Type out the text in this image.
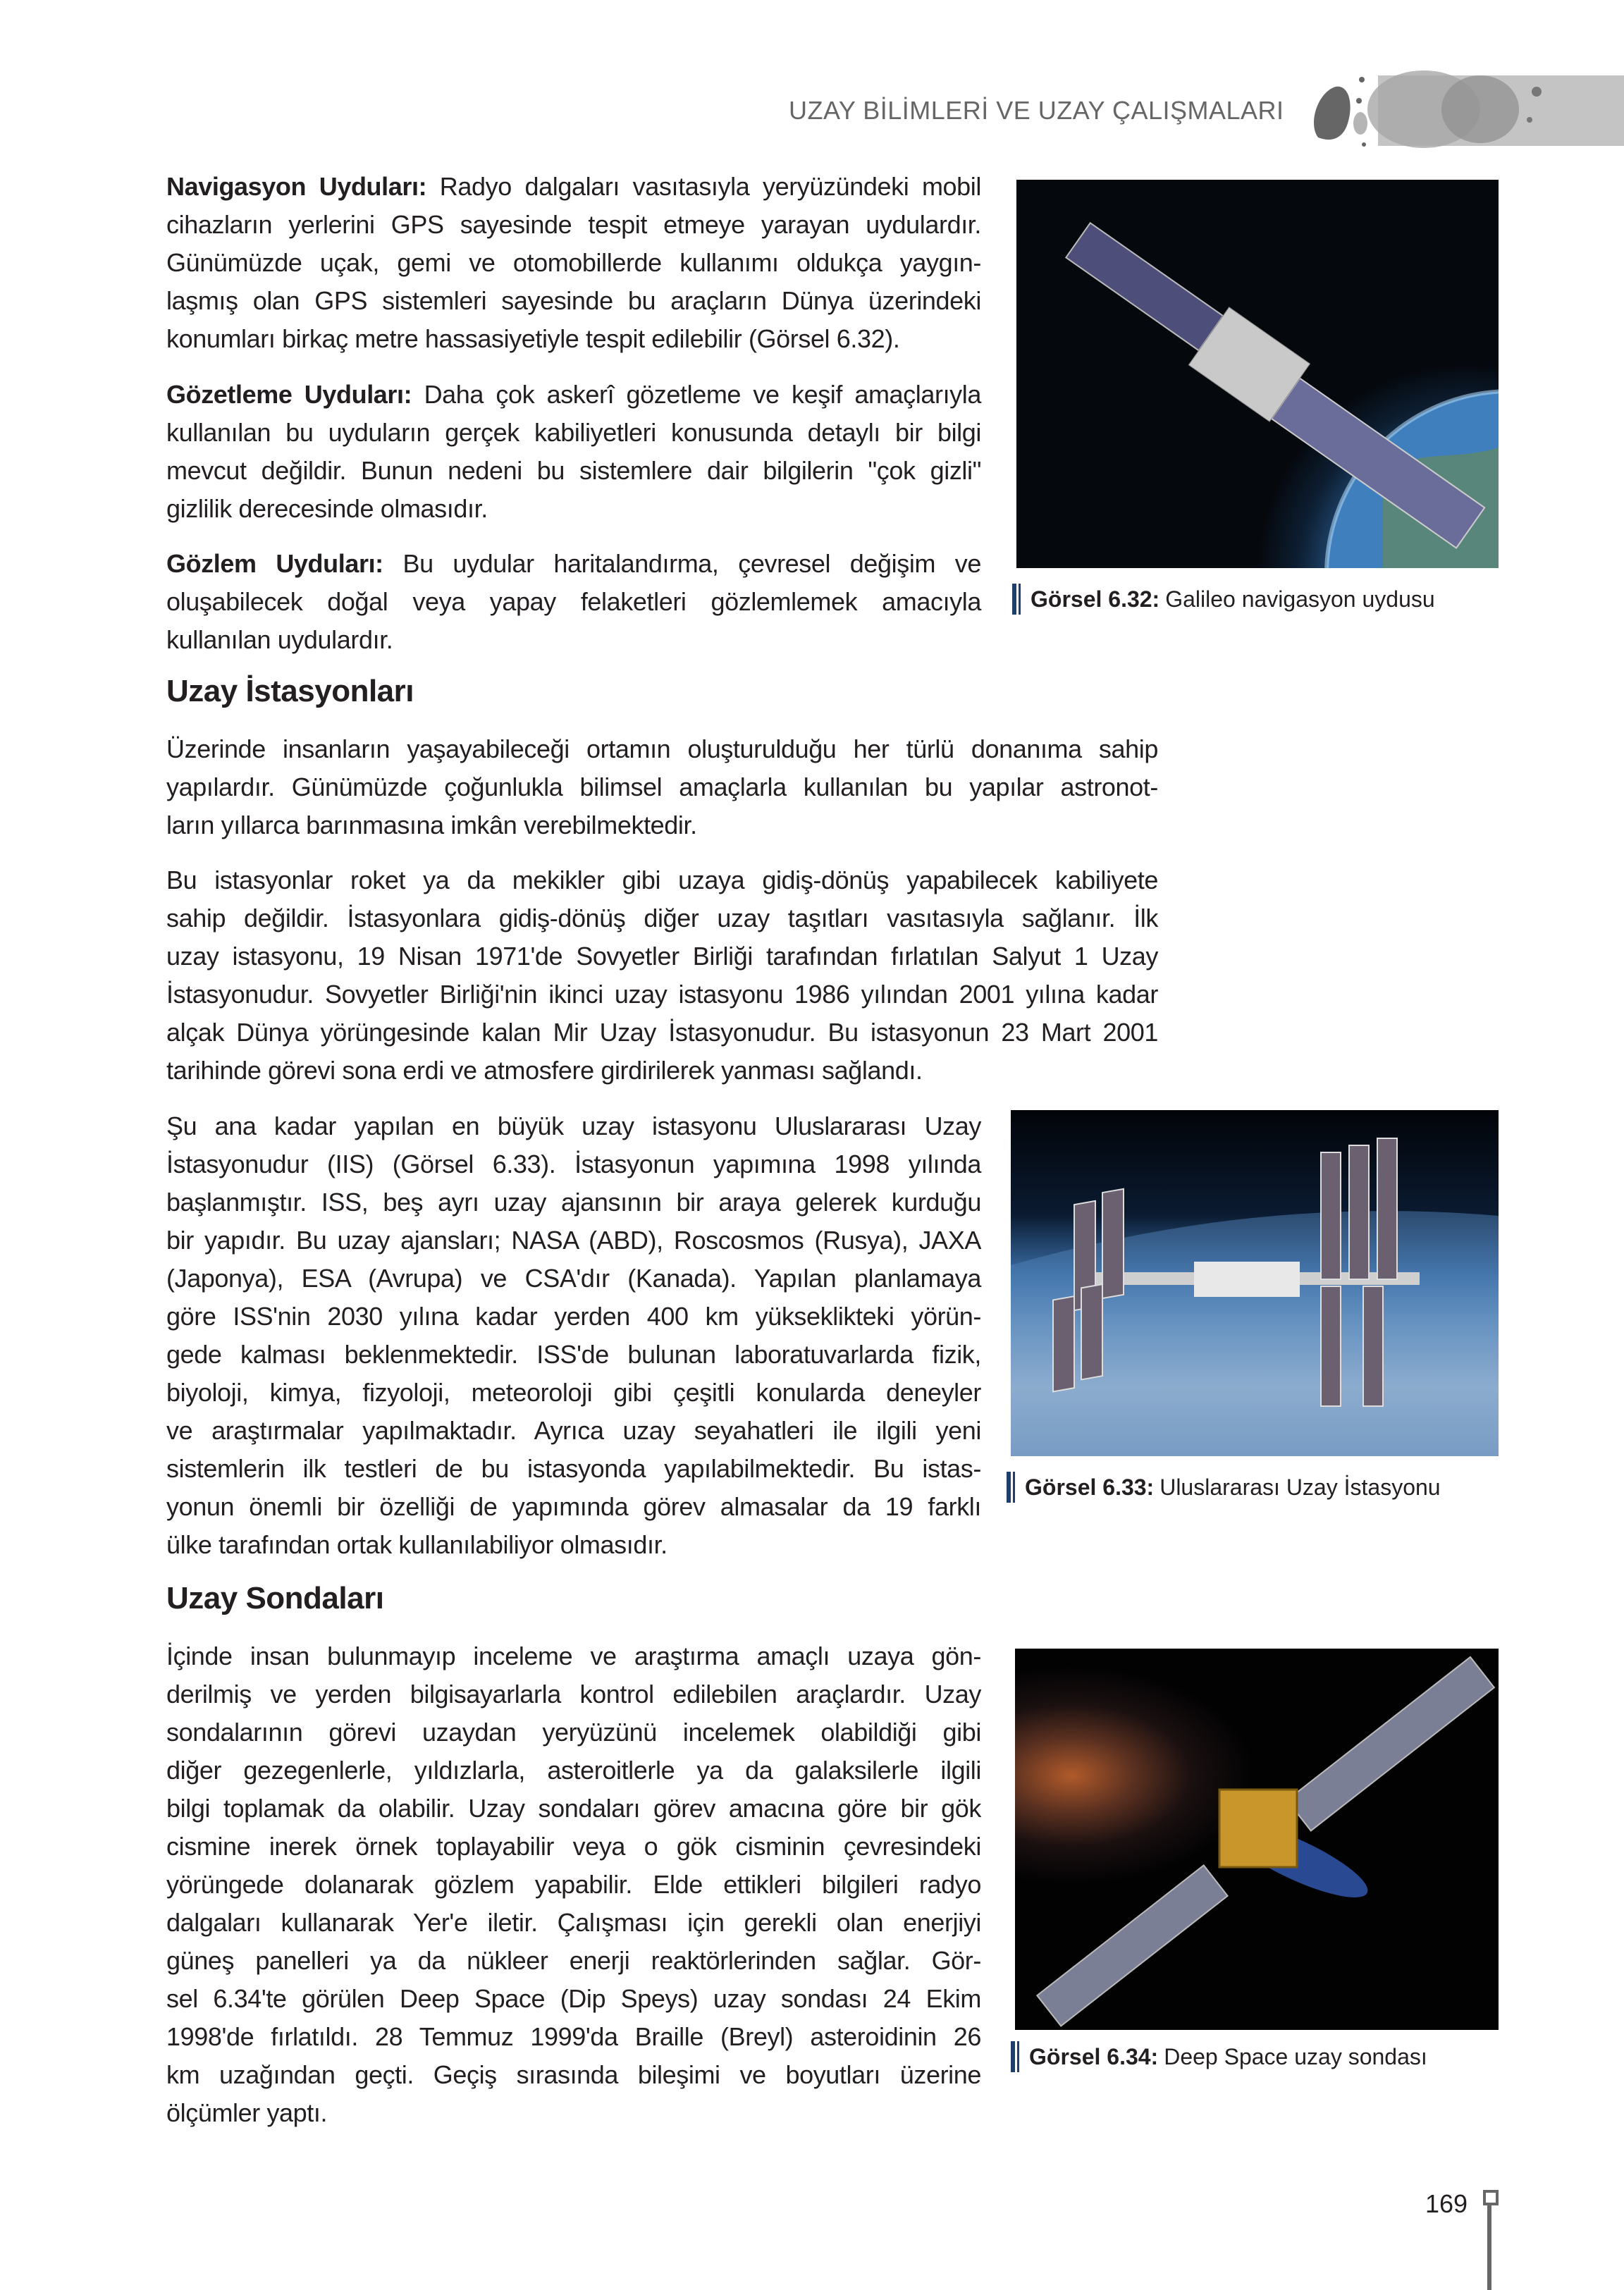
UZAY BİLİMLERİ VE UZAY ÇALIŞMALARI
Navigasyon Uyduları: Radyo dalgaları vasıtasıyla yeryüzündeki mobil
cihazların yerlerini GPS sayesinde tespit etmeye yarayan uydulardır.
Günümüzde uçak, gemi ve otomobillerde kullanımı oldukça yaygın-
laşmış olan GPS sistemleri sayesinde bu araçların Dünya üzerindeki
konumları birkaç metre hassasiyetiyle tespit edilebilir (Görsel 6.32).
Gözetleme Uyduları: Daha çok askerî gözetleme ve keşif amaçlarıyla
kullanılan bu uyduların gerçek kabiliyetleri konusunda detaylı bir bilgi
mevcut değildir. Bunun nedeni bu sistemlere dair bilgilerin "çok gizli"
gizlilik derecesinde olmasıdır.
Gözlem Uyduları: Bu uydular haritalandırma, çevresel değişim ve
oluşabilecek doğal veya yapay felaketleri gözlemlemek amacıyla
kullanılan uydulardır.
Görsel 6.32: Galileo navigasyon uydusu
Uzay İstasyonları
Üzerinde insanların yaşayabileceği ortamın oluşturulduğu her türlü donanıma sahip
yapılardır. Günümüzde çoğunlukla bilimsel amaçlarla kullanılan bu yapılar astronot-
ların yıllarca barınmasına imkân verebilmektedir.
Bu istasyonlar roket ya da mekikler gibi uzaya gidiş-dönüş yapabilecek kabiliyete
sahip değildir. İstasyonlara gidiş-dönüş diğer uzay taşıtları vasıtasıyla sağlanır. İlk
uzay istasyonu, 19 Nisan 1971'de Sovyetler Birliği tarafından fırlatılan Salyut 1 Uzay
İstasyonudur. Sovyetler Birliği'nin ikinci uzay istasyonu 1986 yılından 2001 yılına kadar
alçak Dünya yörüngesinde kalan Mir Uzay İstasyonudur. Bu istasyonun 23 Mart 2001
tarihinde görevi sona erdi ve atmosfere girdirilerek yanması sağlandı.
Şu ana kadar yapılan en büyük uzay istasyonu Uluslararası Uzay
İstasyonudur (IIS) (Görsel 6.33). İstasyonun yapımına 1998 yılında
başlanmıştır. ISS, beş ayrı uzay ajansının bir araya gelerek kurduğu
bir yapıdır. Bu uzay ajansları; NASA (ABD), Roscosmos (Rusya), JAXA
(Japonya), ESA (Avrupa) ve CSA'dır (Kanada). Yapılan planlamaya
göre ISS'nin 2030 yılına kadar yerden 400 km yükseklikteki yörün-
gede kalması beklenmektedir. ISS'de bulunan laboratuvarlarda fizik,
biyoloji, kimya, fizyoloji, meteoroloji gibi çeşitli konularda deneyler
ve araştırmalar yapılmaktadır. Ayrıca uzay seyahatleri ile ilgili yeni
sistemlerin ilk testleri de bu istasyonda yapılabilmektedir. Bu istas-
yonun önemli bir özelliği de yapımında görev almasalar da 19 farklı
ülke tarafından ortak kullanılabiliyor olmasıdır.
Görsel 6.33: Uluslararası Uzay İstasyonu
Uzay Sondaları
İçinde insan bulunmayıp inceleme ve araştırma amaçlı uzaya gön-
derilmiş ve yerden bilgisayarlarla kontrol edilebilen araçlardır. Uzay
sondalarının görevi uzaydan yeryüzünü incelemek olabildiği gibi
diğer gezegenlerle, yıldızlarla, asteroitlerle ya da galaksilerle ilgili
bilgi toplamak da olabilir. Uzay sondaları görev amacına göre bir gök
cismine inerek örnek toplayabilir veya o gök cisminin çevresindeki
yörüngede dolanarak gözlem yapabilir. Elde ettikleri bilgileri radyo
dalgaları kullanarak Yer'e iletir. Çalışması için gerekli olan enerjiyi
güneş panelleri ya da nükleer enerji reaktörlerinden sağlar. Gör-
sel 6.34'te görülen Deep Space (Dip Speys) uzay sondası 24 Ekim
1998'de fırlatıldı. 28 Temmuz 1999'da Braille (Breyl) asteroidinin 26
km uzağından geçti. Geçiş sırasında bileşimi ve boyutları üzerine
ölçümler yaptı.
Görsel 6.34: Deep Space uzay sondası
169
